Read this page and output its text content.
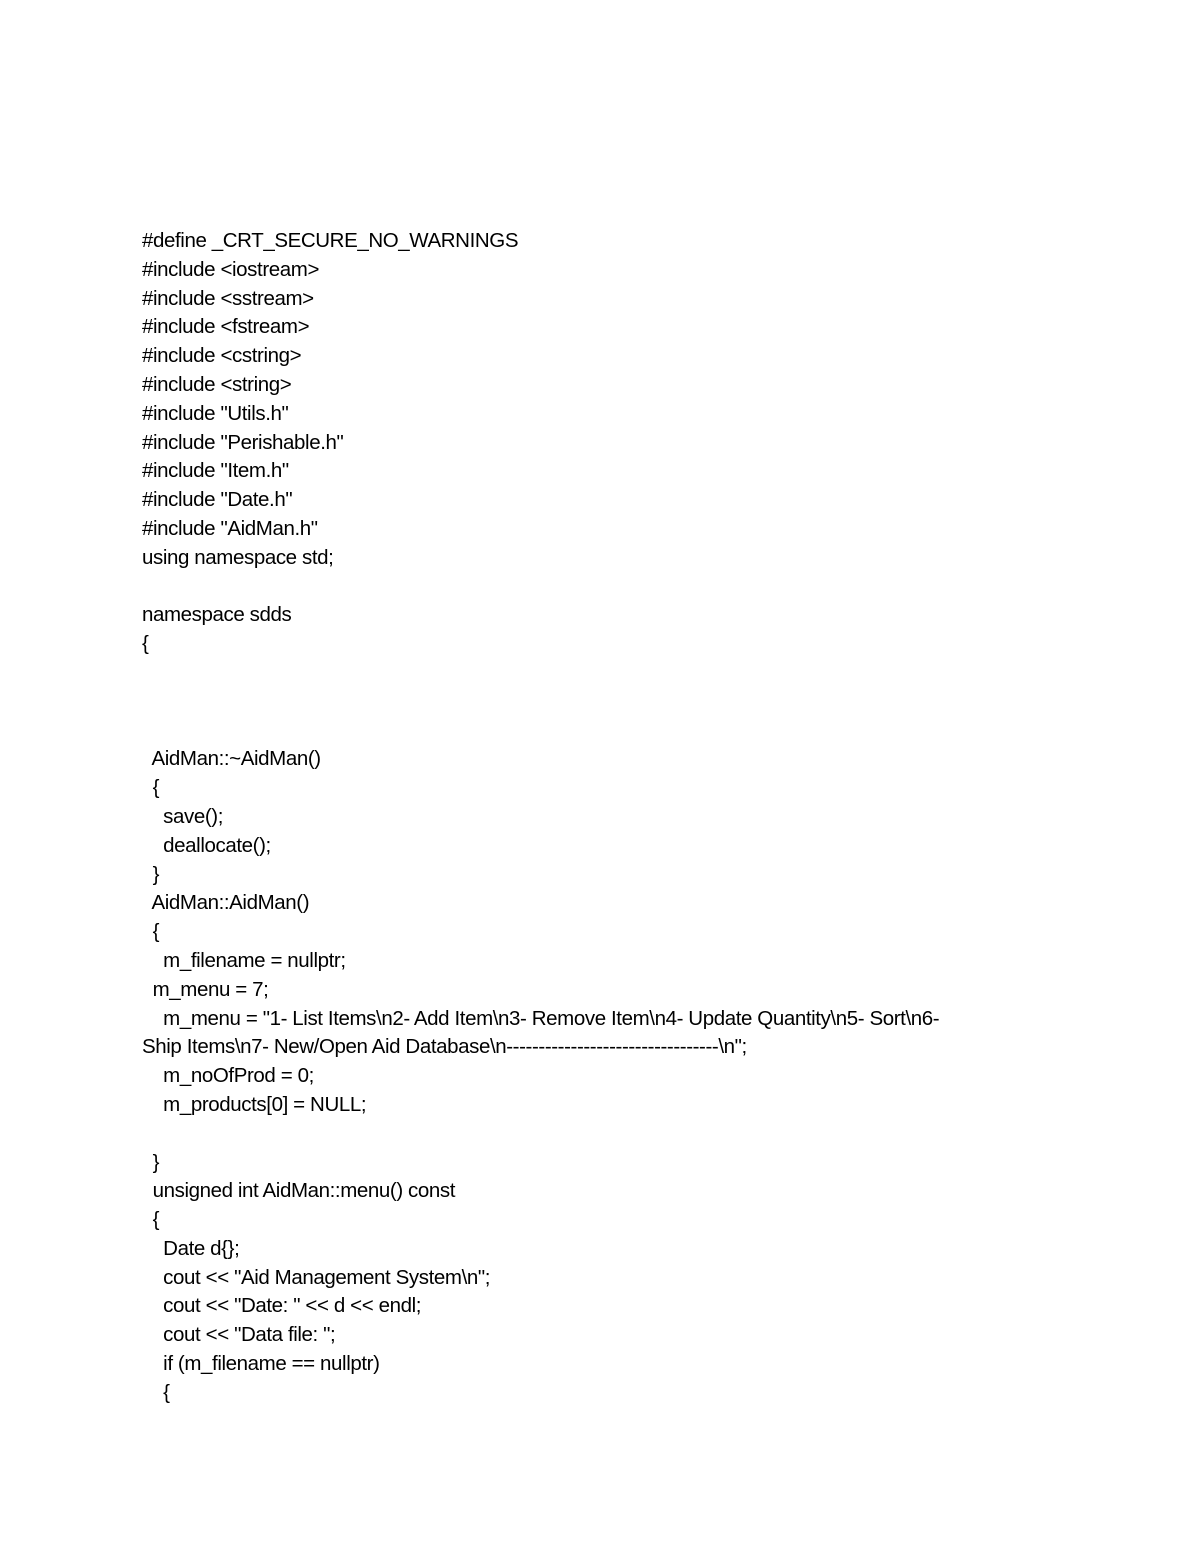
#define _CRT_SECURE_NO_WARNINGS
#include <iostream>
#include <sstream>
#include <fstream>
#include <cstring>
#include <string>
#include "Utils.h"
#include "Perishable.h"
#include "Item.h"
#include "Date.h"
#include "AidMan.h"
using namespace std;
namespace sdds
{
AidMan::~AidMan()
{
save();
deallocate();
}
AidMan::AidMan()
{
m_filename = nullptr;
m_menu = 7;
m_menu = "1- List Items\n2- Add Item\n3- Remove Item\n4- Update Quantity\n5- Sort\n6-
Ship Items\n7- New/Open Aid Database\n---------------------------------\n";
m_noOfProd = 0;
m_products[0] = NULL;
}
unsigned int AidMan::menu() const
{
Date d{};
cout << "Aid Management System\n";
cout << "Date: " << d << endl;
cout << "Data file: ";
if (m_filename == nullptr)
{
